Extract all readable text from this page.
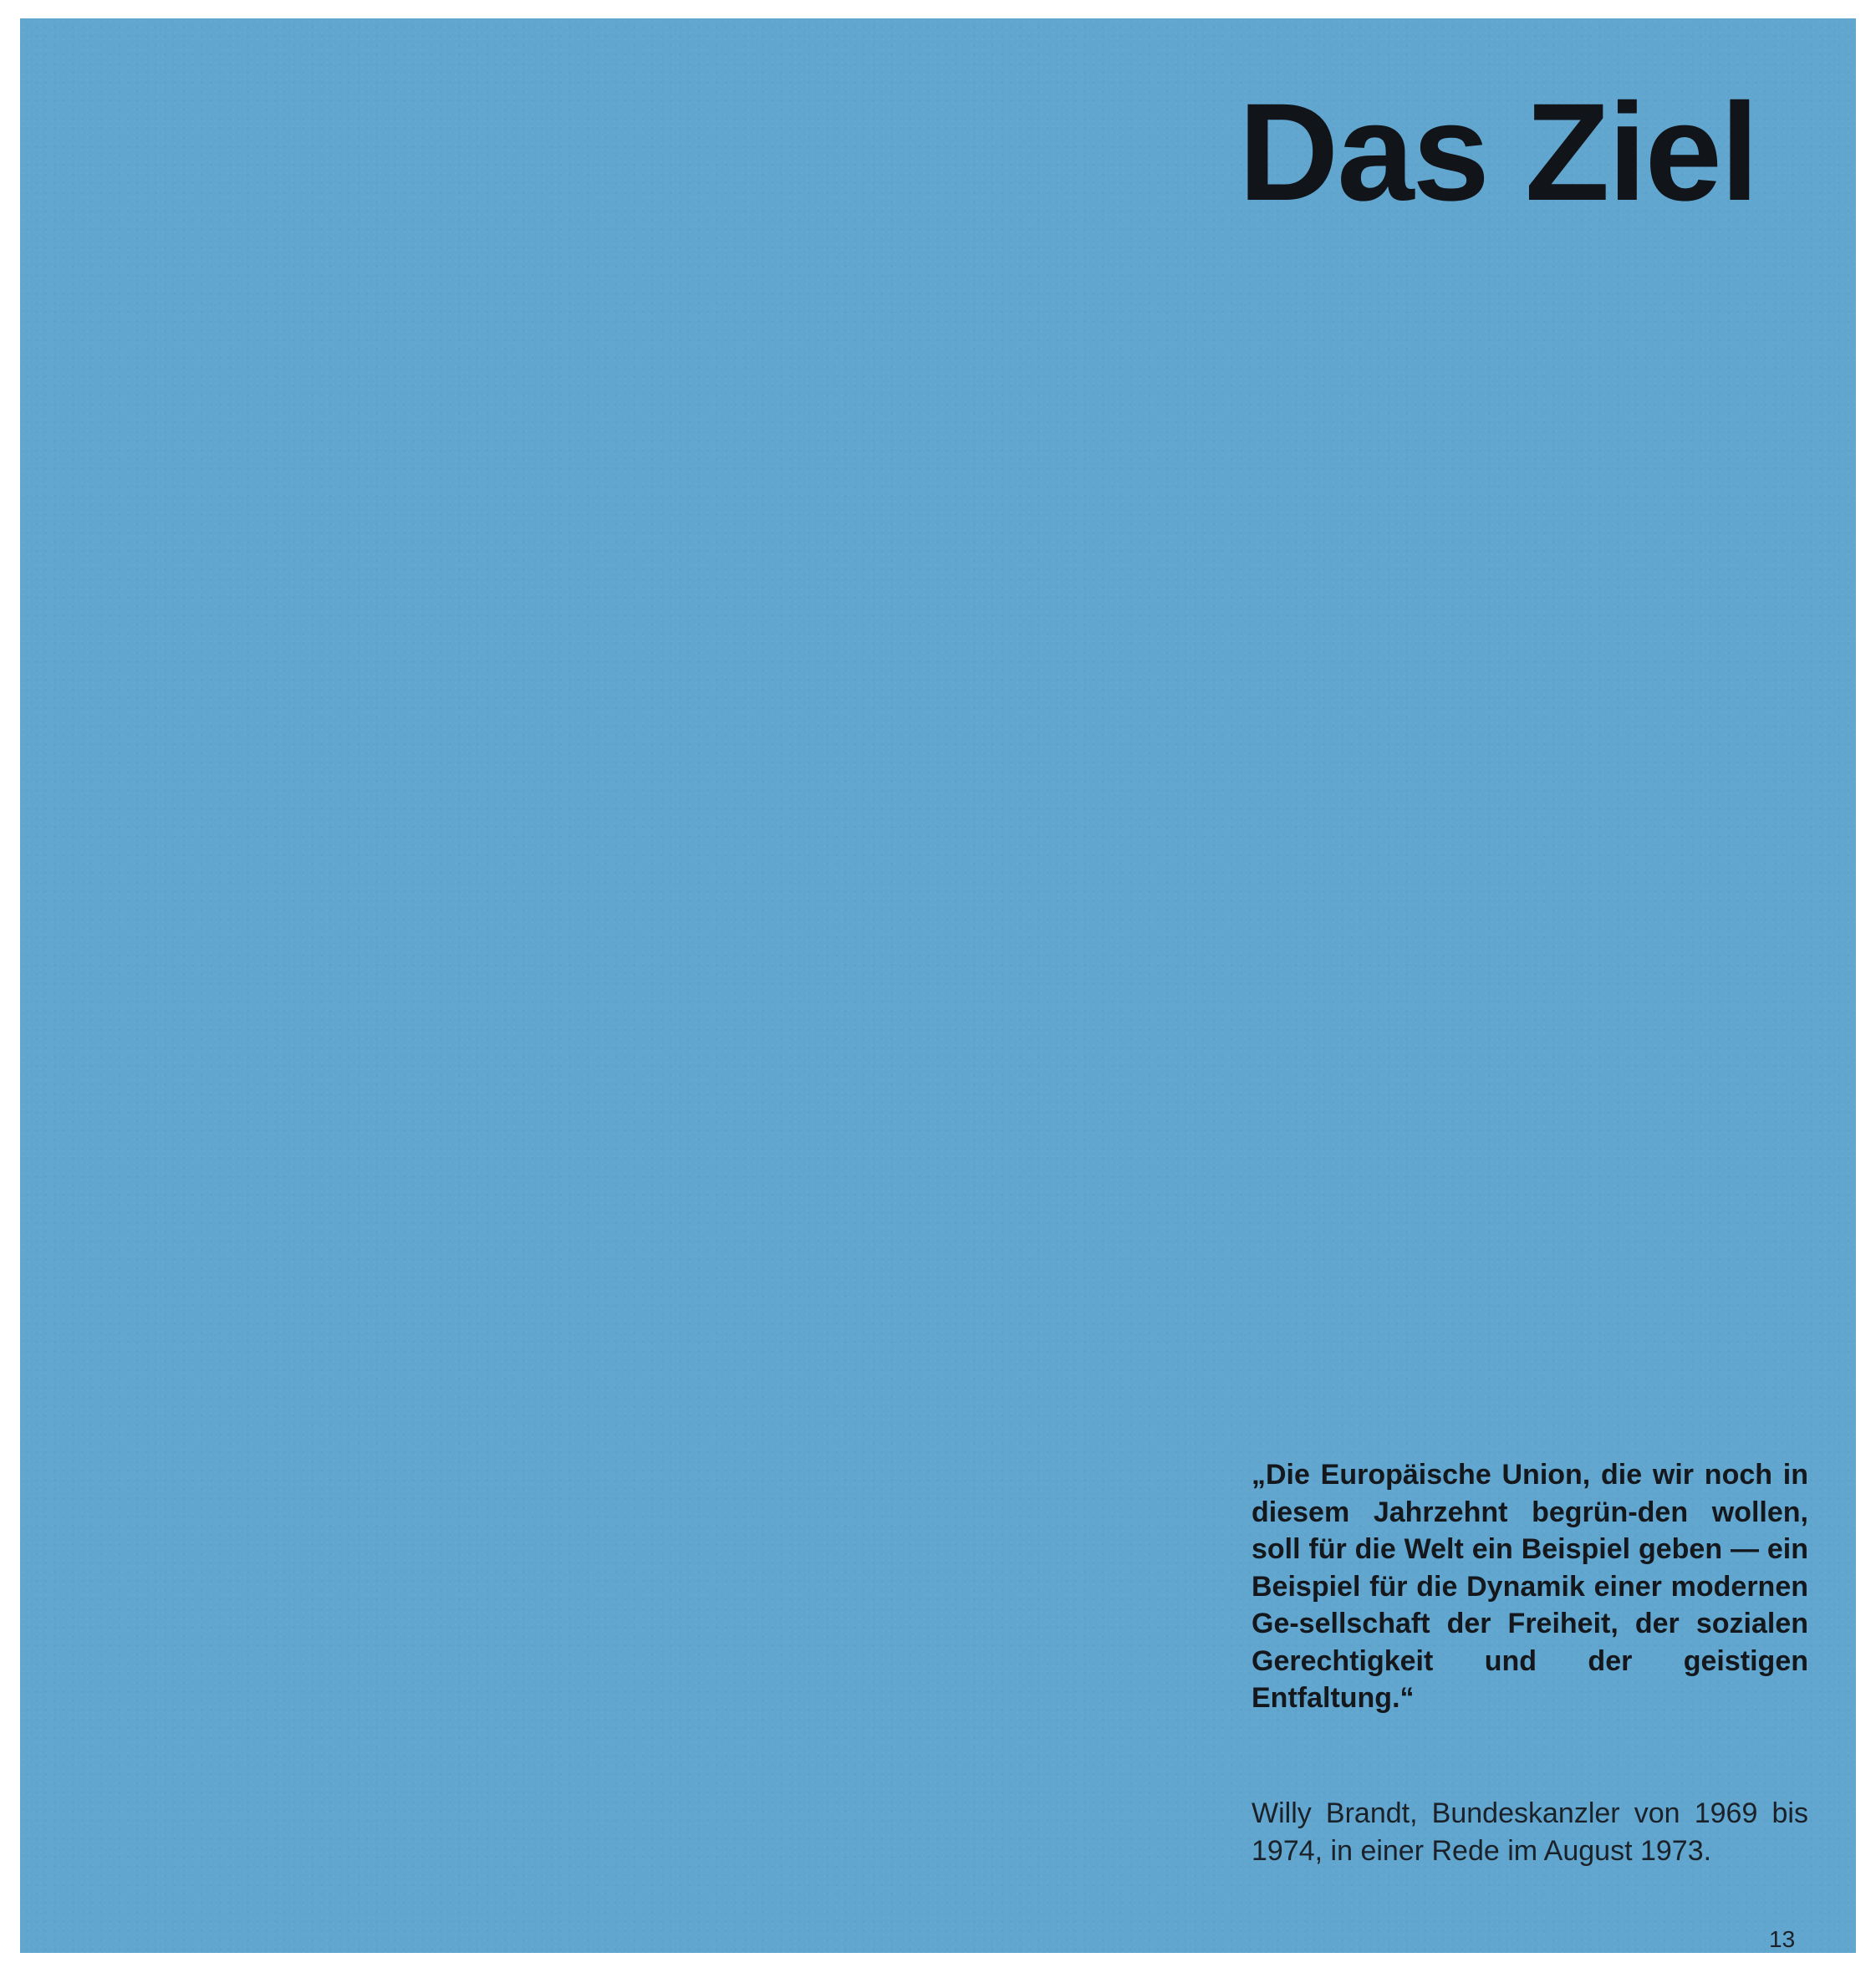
Das Ziel

„Die Europäische Union, die wir noch in diesem Jahrzehnt begrün-den wollen, soll für die Welt ein Beispiel geben — ein Beispiel für die Dynamik einer modernen Ge-sellschaft der Freiheit, der sozialen Gerechtigkeit und der geistigen Entfaltung.“

Willy Brandt, Bundeskanzler von 1969 bis 1974, in einer Rede im August 1973.

13
